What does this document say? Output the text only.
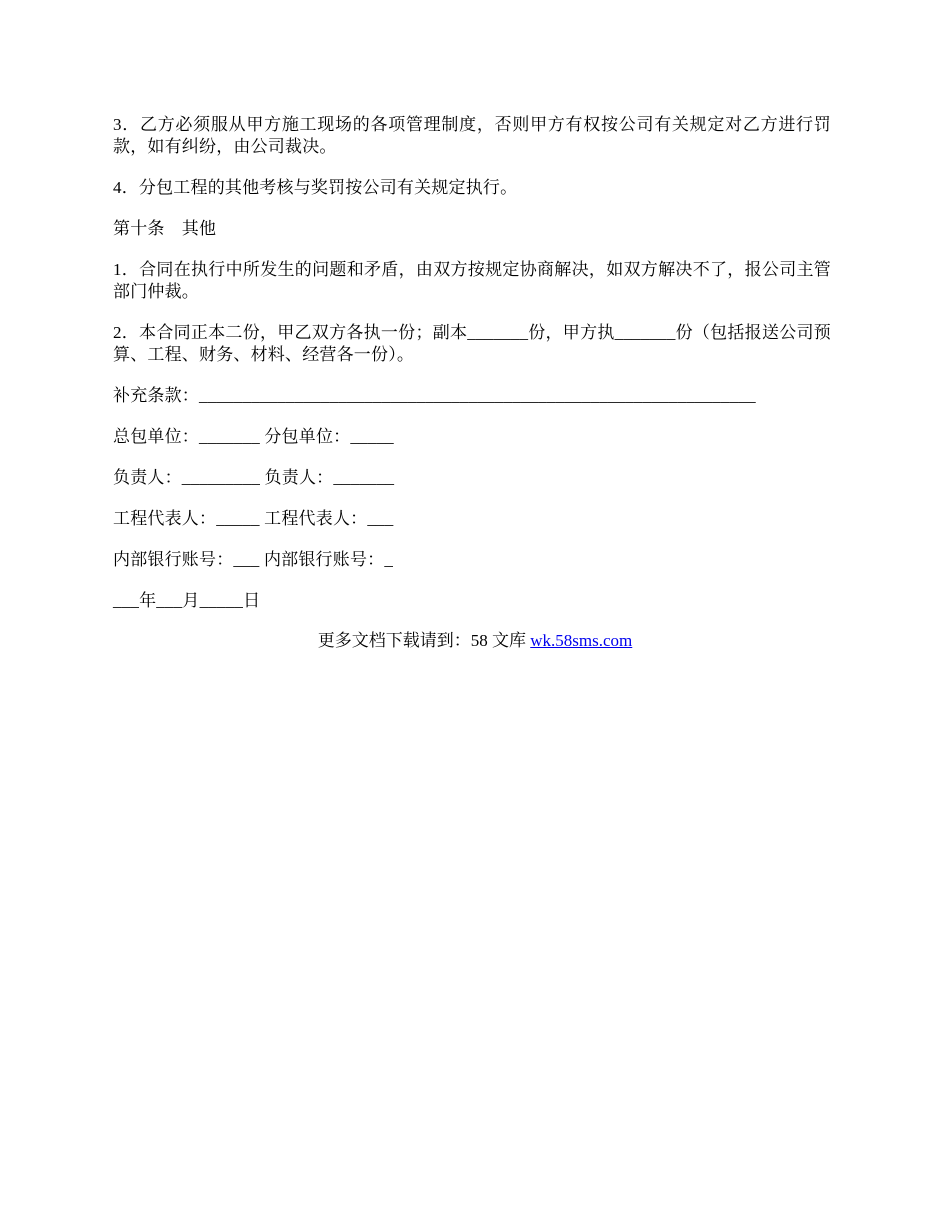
3．乙方必须服从甲方施工现场的各项管理制度，否则甲方有权按公司有关规定对乙方进行罚款，如有纠纷，由公司裁决。

4．分包工程的其他考核与奖罚按公司有关规定执行。

第十条　其他

1．合同在执行中所发生的问题和矛盾，由双方按规定协商解决，如双方解决不了，报公司主管部门仲裁。

2．本合同正本二份，甲乙双方各执一份；副本_______份，甲方执_______份（包括报送公司预算、工程、财务、材料、经营各一份）。

补充条款：________________________________________________________________

总包单位：_______ 分包单位：_____

负责人：_________ 负责人：_______

工程代表人：_____ 工程代表人：___

内部银行账号：___ 内部银行账号：_

___年___月_____日

更多文档下载请到：58 文库 wk.58sms.com
